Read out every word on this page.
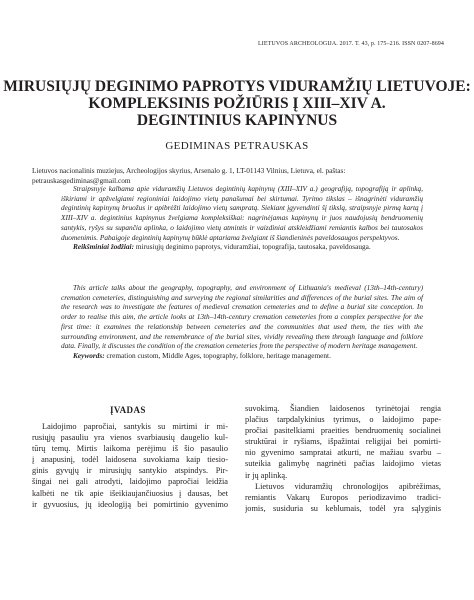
LIETUVOS ARCHEOLOGIJA. 2017. T. 43, p. 175–216. ISSN 0207-8694
MIRUSIŲJŲ DEGINIMO PAPROTYS VIDURAMŽIŲ LIETUVOJE:
KOMPLEKSINIS POŽIŪRIS Į XIII–XIV A.
DEGINTINIUS KAPINYNUS
GEDIMINAS PETRAUSKAS
Lietuvos nacionalinis muziejus, Archeologijos skyrius, Arsenalo g. 1, LT-01143 Vilnius, Lietuva, el. paštas:
petrauskasgediminas@gmail.com

Straipsnyje kalbama apie viduramžių Lietuvos degintinių kapinynų (XIII–XIV a.) geografiją, topografiją ir aplinką, iškiriami ir apžvelgiami regioniniai laidojimo vietų panašumai bei skirtumai. Tyrimo tikslas – išnagrinėti viduramžių degintinių kapinynų bruožus ir apibrėžti laidojimo vietų sampratą. Siekiant įgyvendinti šį tikslą, straipsnyje pirmą kartą į XIII–XIV a. degintinius kapinynus žvelgiama kompleksiškai: nagrinėjamas kapinynų ir juos naudojusių bendruomenių santykis, ryšys su supančia aplinka, o laidojimo vietų atmintis ir vaizdiniai atskleidžiami remiantis kalbos bei tautosakos duomenimis. Pabaigoje degintinių kapinynų būklė aptariama žvelgiant iš šiandieninės paveldosaugos perspektyvos.

Reikšminiai žodžiai: mirusiųjų deginimo paprotys, viduramžiai, topografija, tautosaka, paveldosauga.

This article talks about the geography, topography, and environment of Lithuania's medieval (13th–14th-century) cremation cemeteries, distinguishing and surveying the regional similarities and differences of the burial sites. The aim of the research was to investigate the features of medieval cremation cemeteries and to define a burial site conception. In order to realise this aim, the article looks at 13th–14th-century cremation cemeteries from a complex perspective for the first time: it examines the relationship between cemeteries and the communities that used them, the ties with the surrounding environment, and the remembrance of the burial sites, vividly revealing them through language and folklore data. Finally, it discusses the condition of the cremation cemeteries from the perspective of modern heritage management.

Keywords: cremation custom, Middle Ages, topography, folklore, heritage management.
ĮVADAS
Laidojimo papročiai, santykis su mirtimi ir mi-
rusiųjų pasauliu yra vienos svarbiausių daugelio kul-
tūrų temų. Mirtis laikoma perėjimu iš šio pasaulio
į anapusinį, todėl laidosena suvokiama kaip tiesio-
ginis gyvųjų ir mirusiųjų santykio atspindys. Pir-
šingai nei gali atrodyti, laidojimo papročiai leidžia
kalbėti ne tik apie išeikiaujančiuosius į dausas, bet
ir gyvuosius, jų ideologiją bei pomirtinio gyvenimo
suvokimą. Šiandien laidosenos tyrinėtojai rengia
plačius tarpdalykinius tyrimus, o laidojimo pape-
pročiai pasitelkiami praeities bendruomenių socialinei
struktūrai ir ryšiams, išpažintai religijai bei pomirti-
nio gyvenimo sampratai atkurti, ne mažiau svarbu –
suteikia galimybę nagrinėti pačias laidojimo vietas
ir jų aplinką.
Lietuvos viduramžių chronologijos apibrėžimas,
remiantis Vakarų Europos periodizavimo tradici-
jomis, susiduria su keblumais, todėl yra sąlyginis
